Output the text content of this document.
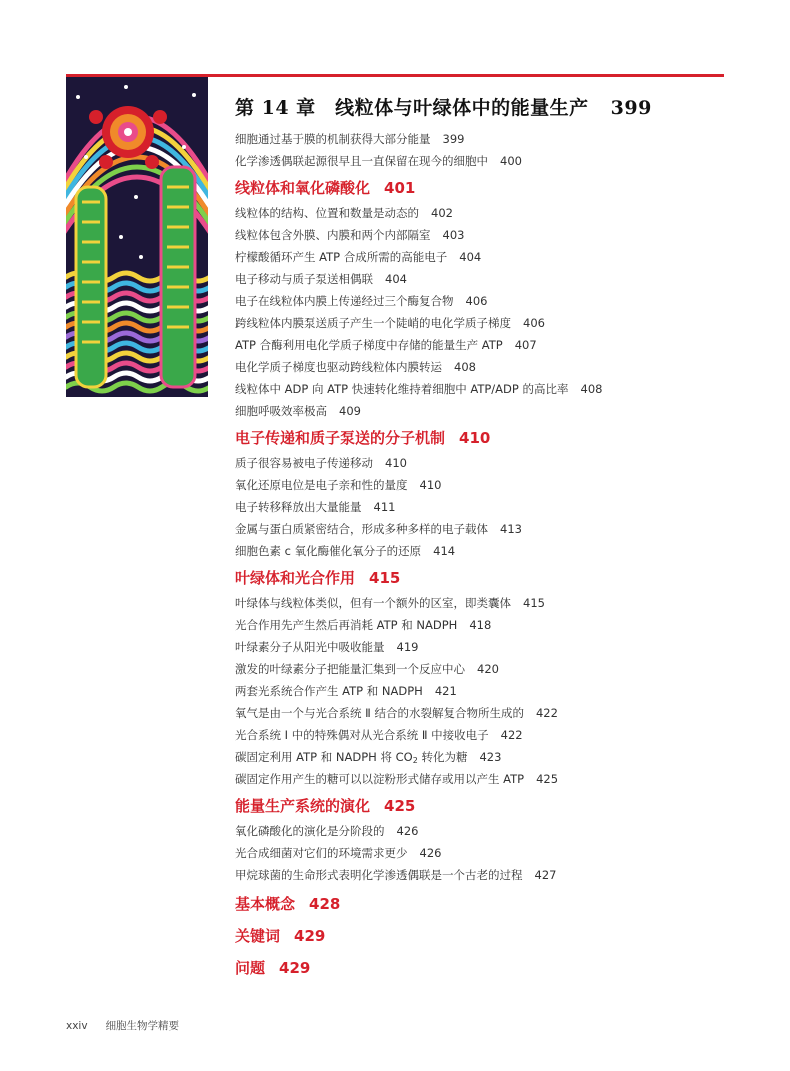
第 14 章　线粒体与叶绿体中的能量生产 399
细胞通过基于膜的机制获得大部分能量 399
化学渗透偶联起源很早且一直保留在现今的细胞中 400
线粒体和氧化磷酸化 401
线粒体的结构、位置和数量是动态的 402
线粒体包含外膜、内膜和两个内部隔室 403
柠檬酸循环产生 ATP 合成所需的高能电子 404
电子移动与质子泵送相偶联 404
电子在线粒体内膜上传递经过三个酶复合物 406
跨线粒体内膜泵送质子产生一个陡峭的电化学质子梯度 406
ATP 合酶利用电化学质子梯度中存储的能量生产 ATP 407
电化学质子梯度也驱动跨线粒体内膜转运 408
线粒体中 ADP 向 ATP 快速转化维持着细胞中 ATP/ADP 的高比率 408
细胞呼吸效率极高 409
电子传递和质子泵送的分子机制 410
质子很容易被电子传递移动 410
氧化还原电位是电子亲和性的量度 410
电子转移释放出大量能量 411
金属与蛋白质紧密结合，形成多种多样的电子载体 413
细胞色素 c 氧化酶催化氧分子的还原 414
叶绿体和光合作用 415
叶绿体与线粒体类似，但有一个额外的区室，即类囊体 415
光合作用先产生然后再消耗 ATP 和 NADPH 418
叶绿素分子从阳光中吸收能量 419
激发的叶绿素分子把能量汇集到一个反应中心 420
两套光系统合作产生 ATP 和 NADPH 421
氧气是由一个与光合系统 Ⅱ 结合的水裂解复合物所生成的 422
光合系统 Ⅰ 中的特殊偶对从光合系统 Ⅱ 中接收电子 422
碳固定利用 ATP 和 NADPH 将 $CO_2$ 转化为糖 423
碳固定作用产生的糖可以以淀粉形式储存或用以产生 ATP 425
能量生产系统的演化 425
氧化磷酸化的演化是分阶段的 426
光合成细菌对它们的环境需求更少 426
甲烷球菌的生命形式表明化学渗透偶联是一个古老的过程 427
基本概念 428
关键词 429
问题 429
xxiv 细胞生物学精要
